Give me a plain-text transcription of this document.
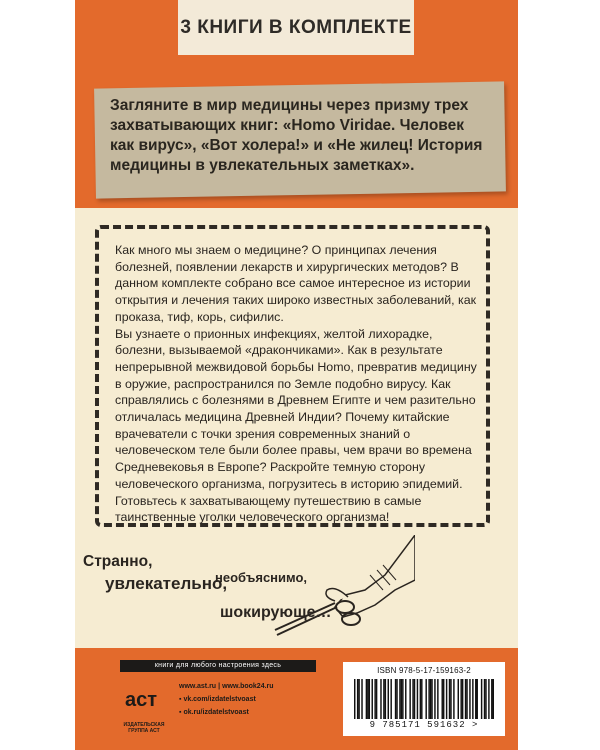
3 КНИГИ В КОМПЛЕКТЕ
Загляните в мир медицины через призму трех захватывающих книг: «Homo Viridae. Человек как вирус», «Вот холера!» и «Не жилец! История медицины в увлекательных заметках».

Как много мы знаем о медицине? О принципах лечения болезней, появлении лекарств и хирургических методов? В данном комплекте собрано все самое интересное из истории открытия и лечения таких широко известных заболеваний, как проказа, тиф, корь, сифилис.

Вы узнаете о прионных инфекциях, желтой лихорадке, болезни, вызываемой «дракончиками». Как в результате непрерывной межвидовой борьбы Homo, превратив медицину в оружие, распространился по Земле подобно вирусу. Как справлялись с болезнями в Древнем Египте и чем разительно отличалась медицина Древней Индии? Почему китайские врачеватели с точки зрения современных знаний о человеческом теле были более правы, чем врачи во времена Средневековья в Европе? Раскройте темную сторону человеческого организма, погрузитесь в историю эпидемий. Готовьтесь к захватывающему путешествию в самые таинственные уголки человеческого организма!

Странно,
увлекательно,
необъяснимо,
шокирующе…
книги для любого настроения здесь
аст
ИЗДАТЕЛЬСКАЯ ГРУППА АСТ
www.ast.ru | www.book24.ru
▪ vk.com/izdatelstvoast
▪ ok.ru/izdatelstvoast
ISBN 978-5-17-159163-2
9 785171 591632 >
